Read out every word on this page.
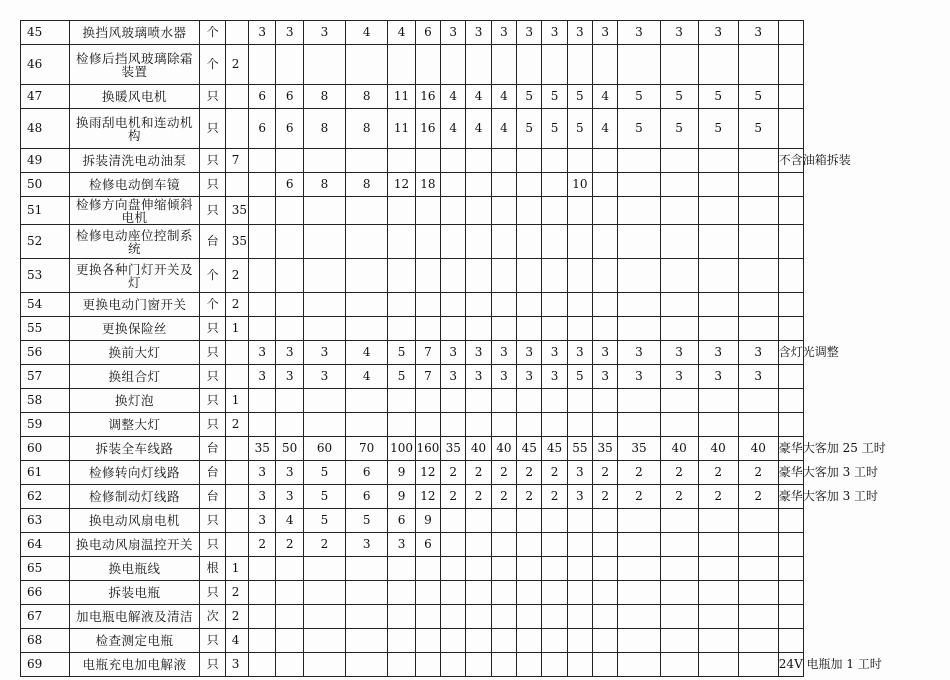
45	换挡风玻璃喷水器	个		3	3	3	4	4	6	3	3	3	3	3	3	3	3	3	3	3	
46	检修后挡风玻璃除霜装置	个	2																		
47	换暖风电机	只		6	6	8	8	11	16	4	4	4	5	5	5	4	5	5	5	5	
48	换雨刮电机和连动机构	只		6	6	8	8	11	16	4	4	4	5	5	5	4	5	5	5	5	
49	拆装清洗电动油泵	只	7																		不含油箱拆装
50	检修电动倒车镜	只			6	8	8	12	18						10						
51	检修方向盘伸缩倾斜电机	只	35																		
52	检修电动座位控制系统	台	35																		
53	更换各种门灯开关及灯	个	2																		
54	更换电动门窗开关	个	2																		
55	更换保险丝	只	1																		
56	换前大灯	只		3	3	3	4	5	7	3	3	3	3	3	3	3	3	3	3	3	含灯光调整
57	换组合灯	只		3	3	3	4	5	7	3	3	3	3	3	5	3	3	3	3	3	
58	换灯泡	只	1																		
59	调整大灯	只	2																		
60	拆装全车线路	台		35	50	60	70	100	160	35	40	40	45	45	55	35	35	40	40	40	豪华大客加 25 工时
61	检修转向灯线路	台		3	3	5	6	9	12	2	2	2	2	2	3	2	2	2	2	2	豪华大客加 3 工时
62	检修制动灯线路	台		3	3	5	6	9	12	2	2	2	2	2	3	2	2	2	2	2	豪华大客加 3 工时
63	换电动风扇电机	只		3	4	5	5	6	9												
64	换电动风扇温控开关	只		2	2	2	3	3	6												
65	换电瓶线	根	1																		
66	拆装电瓶	只	2																		
67	加电瓶电解液及清洁	次	2																		
68	检查测定电瓶	只	4																		
69	电瓶充电加电解液	只	3																		24V 电瓶加 1 工时
